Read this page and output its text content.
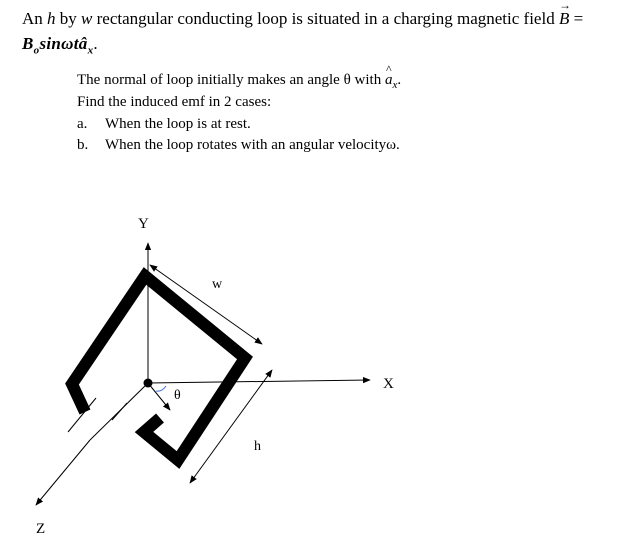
An h by w rectangular conducting loop is situated in a charging magnetic field
→
B =
$B_o\sin\omega tâ_x$.
The normal of loop initially makes an angle θ with
^
$a_x$.
Find the induced emf in 2 cases:
a. When the loop is at rest.
b. When the loop rotates with an angular velocityω.
Y
X
Z
w
h
θ
